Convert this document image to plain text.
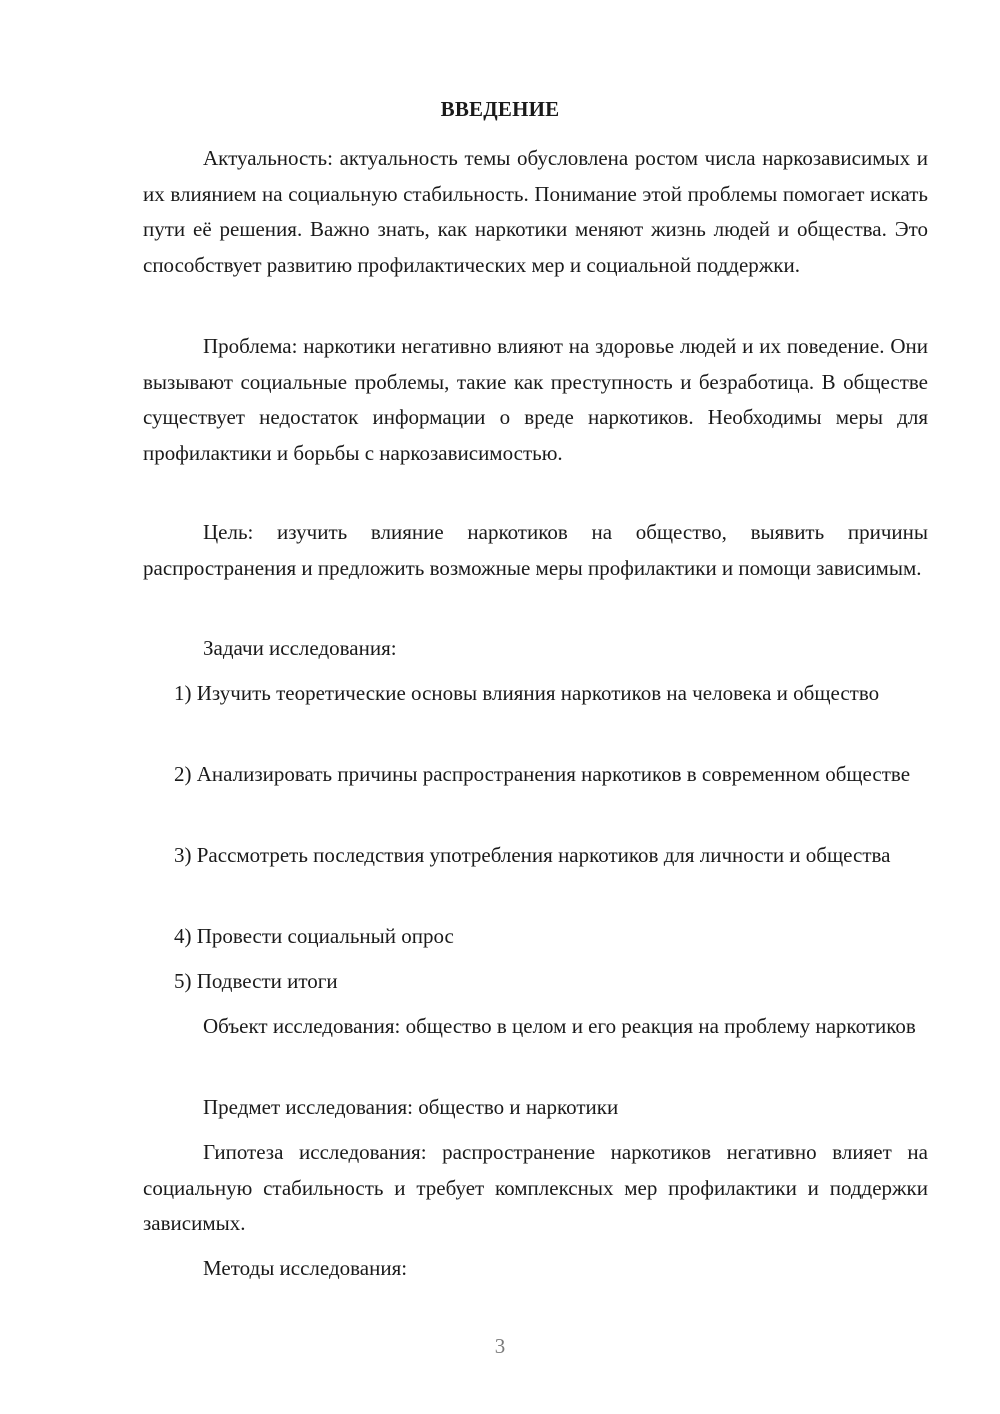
ВВЕДЕНИЕ

Актуальность: актуальность темы обусловлена ростом числа наркозависимых и их влиянием на социальную стабильность. Понимание этой проблемы помогает искать пути её решения. Важно знать, как наркотики меняют жизнь людей и общества. Это способствует развитию профилактических мер и социальной поддержки.

Проблема: наркотики негативно влияют на здоровье людей и их поведение. Они вызывают социальные проблемы, такие как преступность и безработица. В обществе существует недостаток информации о вреде наркотиков. Необходимы меры для профилактики и борьбы с наркозависимостью.

Цель: изучить влияние наркотиков на общество, выявить причины распространения и предложить возможные меры профилактики и помощи зависимым.

Задачи исследования:

1) Изучить теоретические основы влияния наркотиков на человека и общество

2) Анализировать причины распространения наркотиков в современном обществе

3) Рассмотреть последствия употребления наркотиков для личности и общества

4) Провести социальный опрос

5) Подвести итоги

Объект исследования: общество в целом и его реакция на проблему наркотиков

Предмет исследования: общество и наркотики

Гипотеза исследования: распространение наркотиков негативно влияет на социальную стабильность и требует комплексных мер профилактики и поддержки зависимых.

Методы исследования:

3
